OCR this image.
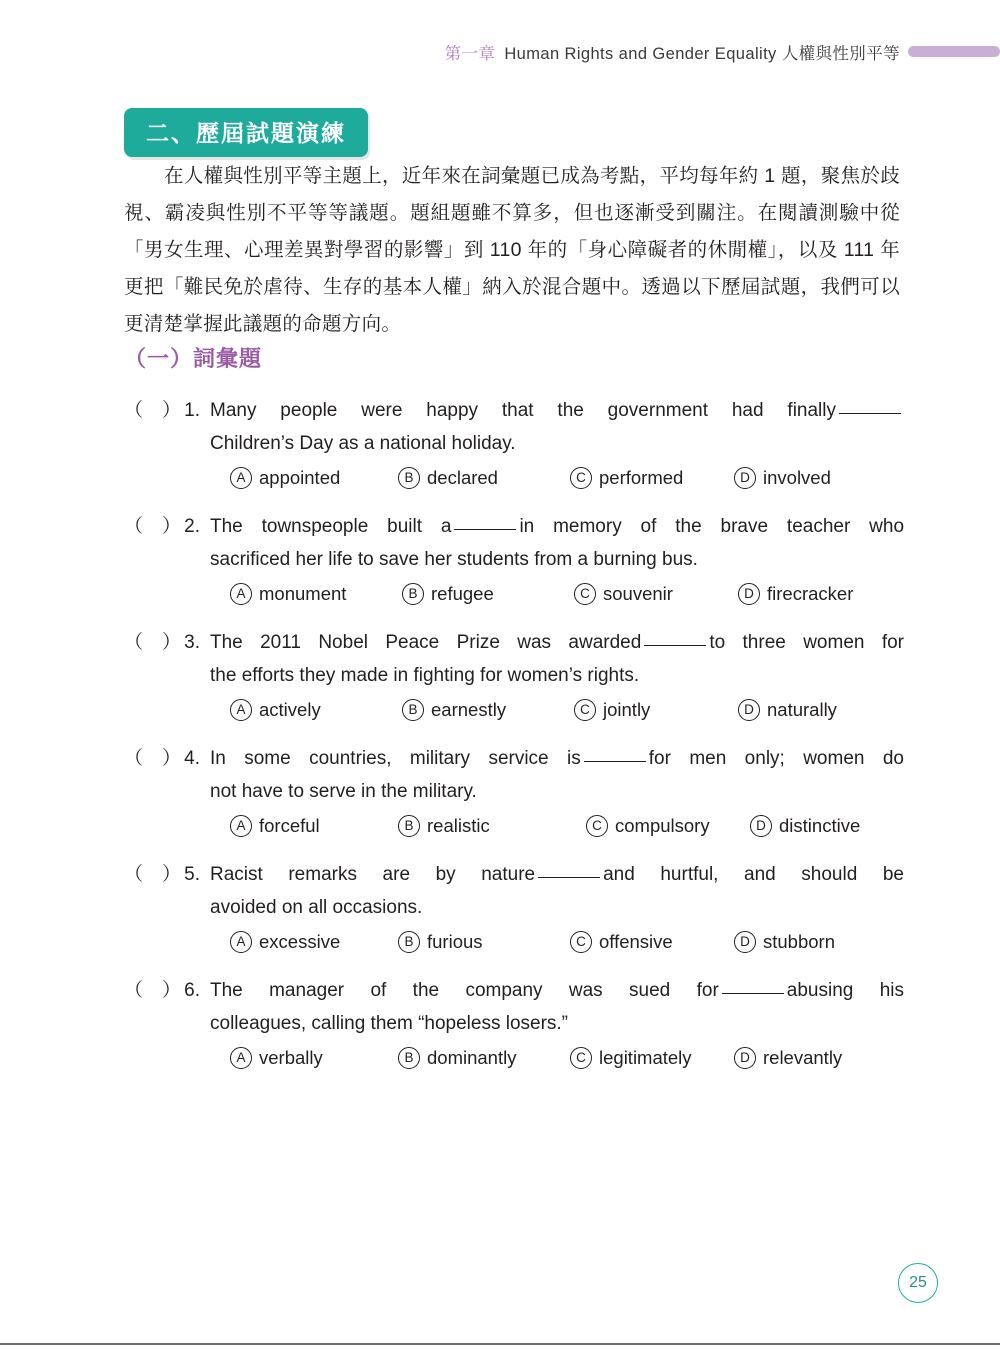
第一章 Human Rights and Gender Equality 人權與性別平等
二、歷屆試題演練
在人權與性別平等主題上，近年來在詞彙題已成為考點，平均每年約 1 題，聚焦於歧視、霸凌與性別不平等等議題。題組題雖不算多，但也逐漸受到關注。在閱讀測驗中從「男女生理、心理差異對學習的影響」到 110 年的「身心障礙者的休閒權」，以及 111 年更把「難民免於虐待、生存的基本人權」納入於混合題中。透過以下歷屆試題，我們可以更清楚掌握此議題的命題方向。
（一）詞彙題
（　） 1. Many people were happy that the government had finally
Children’s Day as a national holiday.
A appointed	B declared	C performed	D involved
（　） 2. The townspeople built a	in memory of the brave teacher who
sacrificed her life to save her students from a burning bus.
A monument	B refugee	C souvenir	D firecracker
（　） 3. The 2011 Nobel Peace Prize was awarded	to three women for
the efforts they made in fighting for women’s rights.
A actively	B earnestly	C jointly	D naturally
（　） 4. In some countries, military service is	for men only; women do
not have to serve in the military.
A forceful	B realistic	C compulsory	D distinctive
（　） 5. Racist remarks are by nature	and hurtful, and should be
avoided on all occasions.
A excessive	B furious	C offensive	D stubborn
（　） 6. The manager of the company was sued for	abusing his
colleagues, calling them “hopeless losers.”
A verbally	B dominantly	C legitimately	D relevantly
25
